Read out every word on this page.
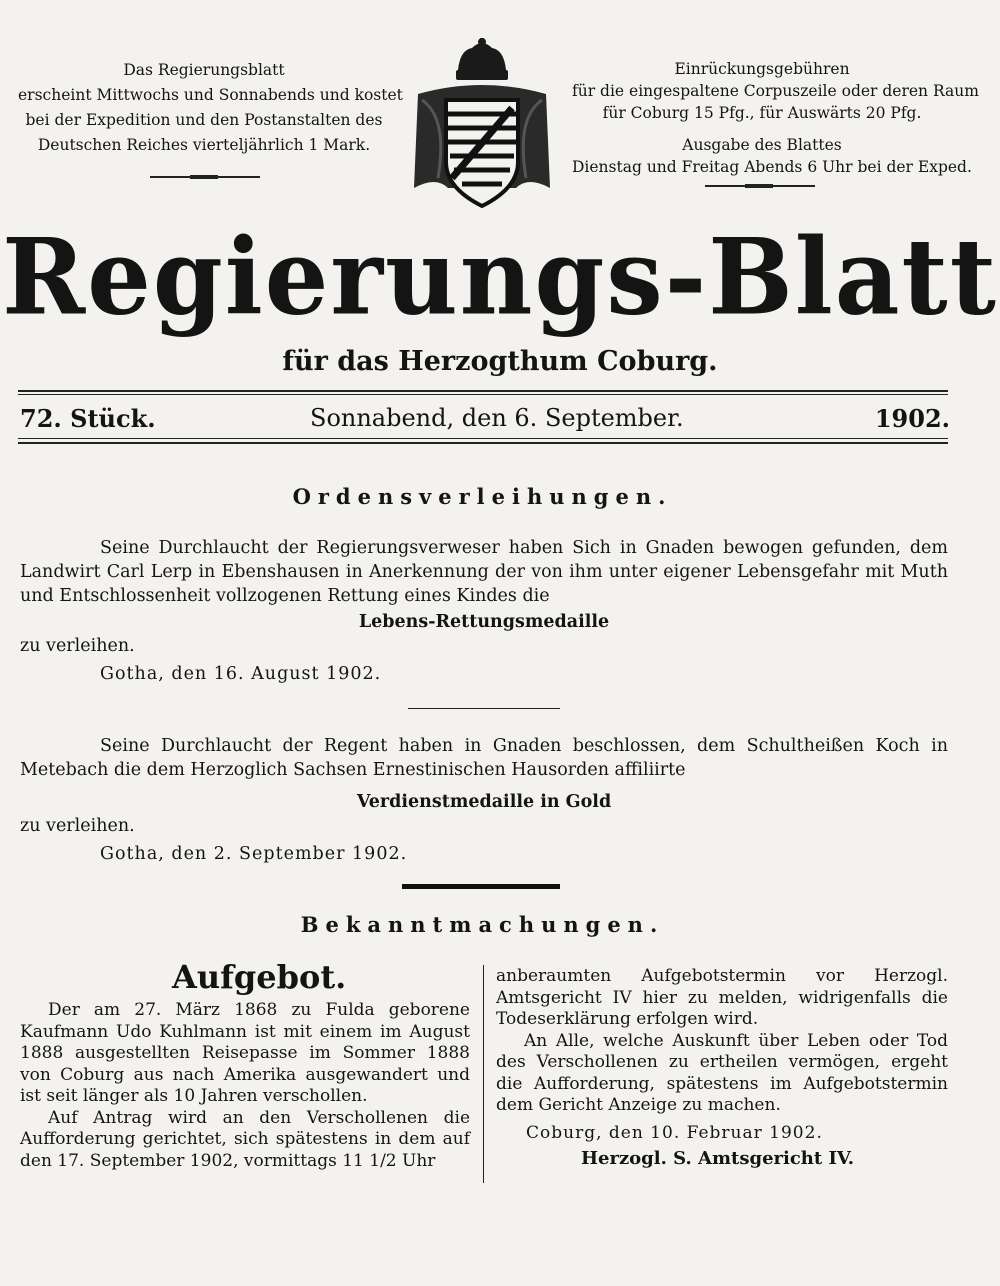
Das Regierungsblatt
erscheint Mittwochs und Sonnabends und kostet
bei der Expedition und den Postanstalten des
Deutschen Reiches vierteljährlich 1 Mark.
Einrückungsgebühren
für die eingespaltene Corpuszeile oder deren Raum
für Coburg 15 Pfg., für Auswärts 20 Pfg.
Ausgabe des Blattes
Dienstag und Freitag Abends 6 Uhr bei der Exped.
Regierungs-Blatt
für das Herzogthum Coburg.
72. Stück.	Sonnabend, den 6. September.	1902.
Ordensverleihungen.
Seine Durchlaucht der Regierungsverweser haben Sich in Gnaden bewogen gefunden, dem Landwirt Carl Lerp in Ebenshausen in Anerkennung der von ihm unter eigener Lebensgefahr mit Muth und Entschlossenheit vollzogenen Rettung eines Kindes die
Lebens-Rettungsmedaille
zu verleihen.
Gotha, den 16. August 1902.
Seine Durchlaucht der Regent haben in Gnaden beschlossen, dem Schultheißen Koch in Metebach die dem Herzoglich Sachsen Ernestinischen Hausorden affiliirte
Verdienstmedaille in Gold
zu verleihen.
Gotha, den 2. September 1902.
Bekanntmachungen.
Aufgebot.

Der am 27. März 1868 zu Fulda geborene Kaufmann Udo Kuhlmann ist mit einem im August 1888 ausgestellten Reisepasse im Sommer 1888 von Coburg aus nach Amerika ausgewandert und ist seit länger als 10 Jahren verschollen.

Auf Antrag wird an den Verschollenen die Aufforderung gerichtet, sich spätestens in dem auf den 17. September 1902, vormittags 11 1/2 Uhr

anberaumten Aufgebotstermin vor Herzogl. Amtsgericht IV hier zu melden, widrigenfalls die Todeserklärung erfolgen wird.

An Alle, welche Auskunft über Leben oder Tod des Verschollenen zu ertheilen vermögen, ergeht die Aufforderung, spätestens im Aufgebotstermin dem Gericht Anzeige zu machen.

Coburg, den 10. Februar 1902.

Herzogl. S. Amtsgericht IV.
